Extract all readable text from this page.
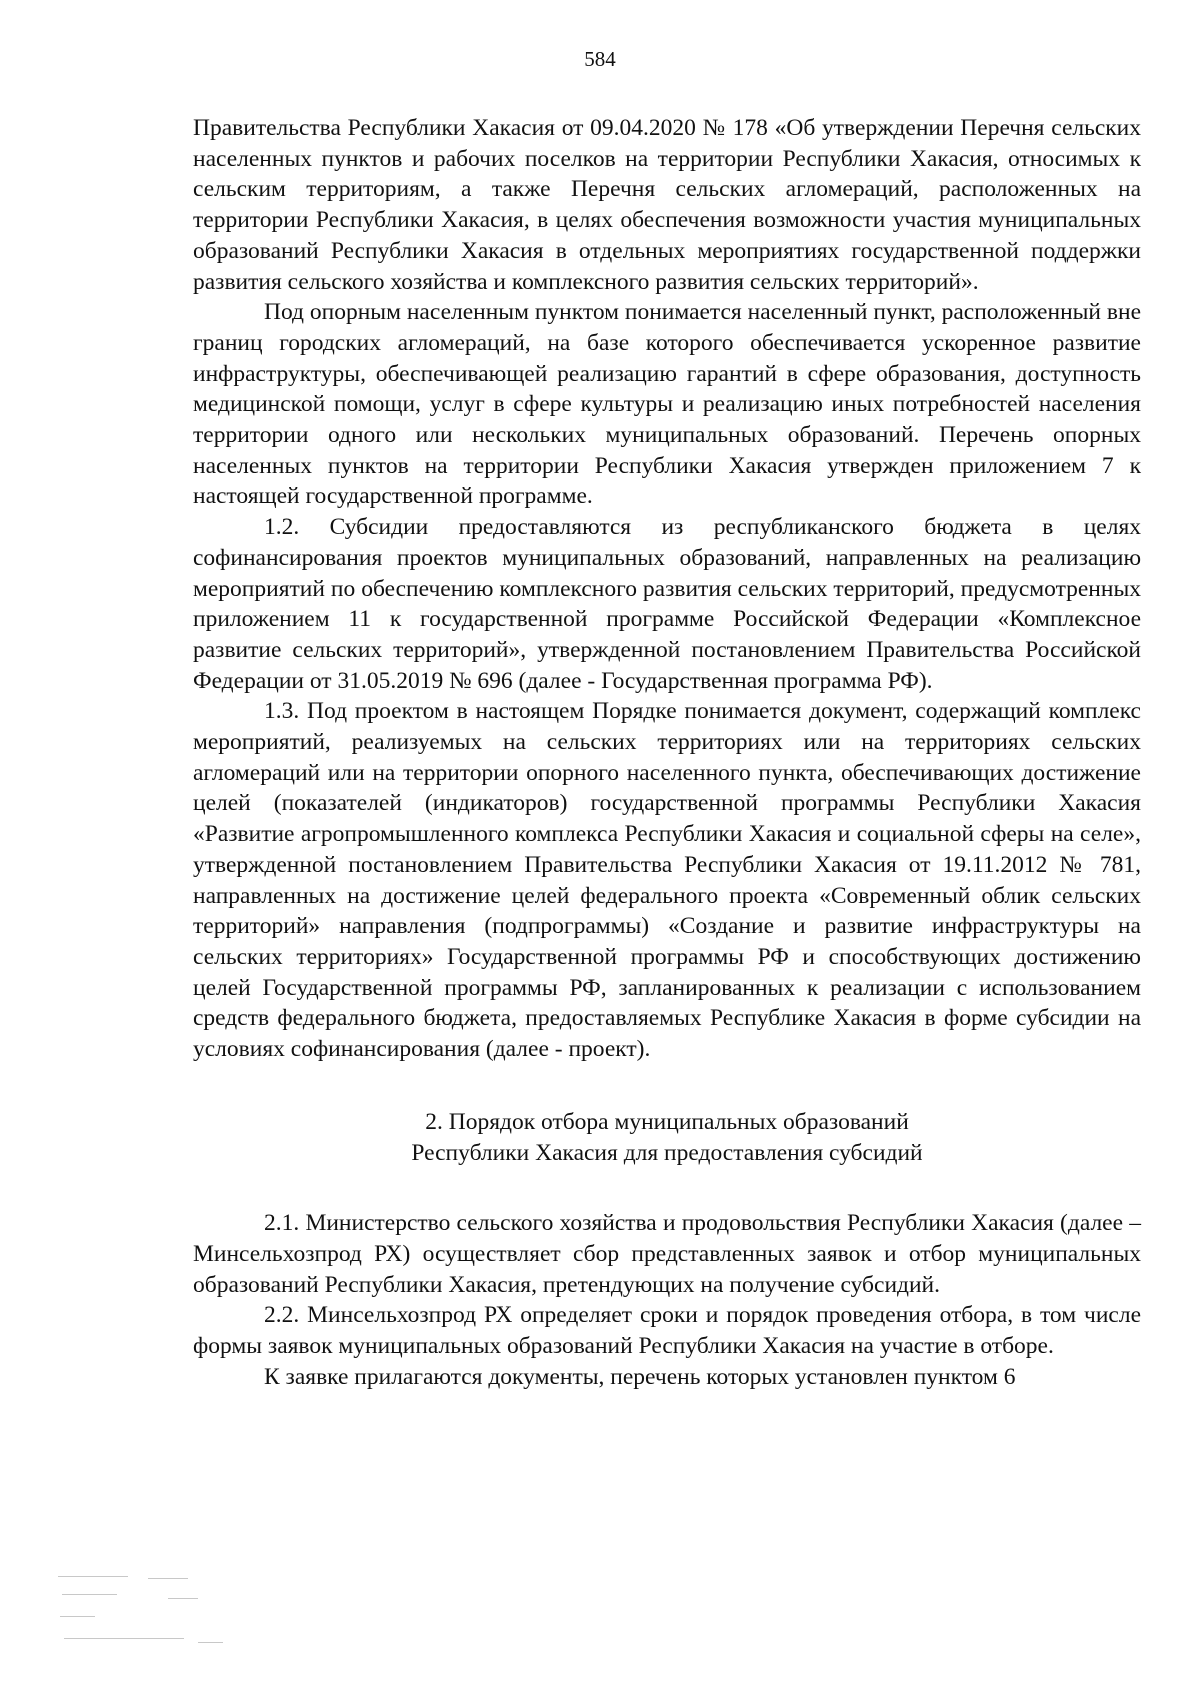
584

Правительства Республики Хакасия от 09.04.2020 № 178 «Об утверждении Перечня сельских населенных пунктов и рабочих поселков на территории Республики Хакасия, относимых к сельским территориям, а также Перечня сельских агломераций, расположенных на территории Республики Хакасия, в целях обеспечения возможности участия муниципальных образований Республики Хакасия в отдельных мероприятиях государственной поддержки развития сельского хозяйства и комплексного развития сельских территорий».

Под опорным населенным пунктом понимается населенный пункт, расположенный вне границ городских агломераций, на базе которого обеспечивается ускоренное развитие инфраструктуры, обеспечивающей реализацию гарантий в сфере образования, доступность медицинской помощи, услуг в сфере культуры и реализацию иных потребностей населения территории одного или нескольких муниципальных образований. Перечень опорных населенных пунктов на территории Республики Хакасия утвержден приложением 7 к настоящей государственной программе.

1.2. Субсидии предоставляются из республиканского бюджета в целях софинансирования проектов муниципальных образований, направленных на реализацию мероприятий по обеспечению комплексного развития сельских территорий, предусмотренных приложением 11 к государственной программе Российской Федерации «Комплексное развитие сельских территорий», утвержденной постановлением Правительства Российской Федерации от 31.05.2019 № 696 (далее - Государственная программа РФ).

1.3. Под проектом в настоящем Порядке понимается документ, содержащий комплекс мероприятий, реализуемых на сельских территориях или на территориях сельских агломераций или на территории опорного населенного пункта, обеспечивающих достижение целей (показателей (индикаторов) государственной программы Республики Хакасия «Развитие агропромышленного комплекса Республики Хакасия и социальной сферы на селе», утвержденной постановлением Правительства Республики Хакасия от 19.11.2012 № 781, направленных на достижение целей федерального проекта «Современный облик сельских территорий» направления (подпрограммы) «Создание и развитие инфраструктуры на сельских территориях» Государственной программы РФ и способствующих достижению целей Государственной программы РФ, запланированных к реализации с использованием средств федерального бюджета, предоставляемых Республике Хакасия в форме субсидии на условиях софинансирования (далее - проект).

2. Порядок отбора муниципальных образований
Республики Хакасия для предоставления субсидий

2.1. Министерство сельского хозяйства и продовольствия Республики Хакасия (далее – Минсельхозпрод РХ) осуществляет сбор представленных заявок и отбор муниципальных образований Республики Хакасия, претендующих на получение субсидий.

2.2. Минсельхозпрод РХ определяет сроки и порядок проведения отбора, в том числе формы заявок муниципальных образований Республики Хакасия на участие в отборе.

К заявке прилагаются документы, перечень которых установлен пунктом 6
